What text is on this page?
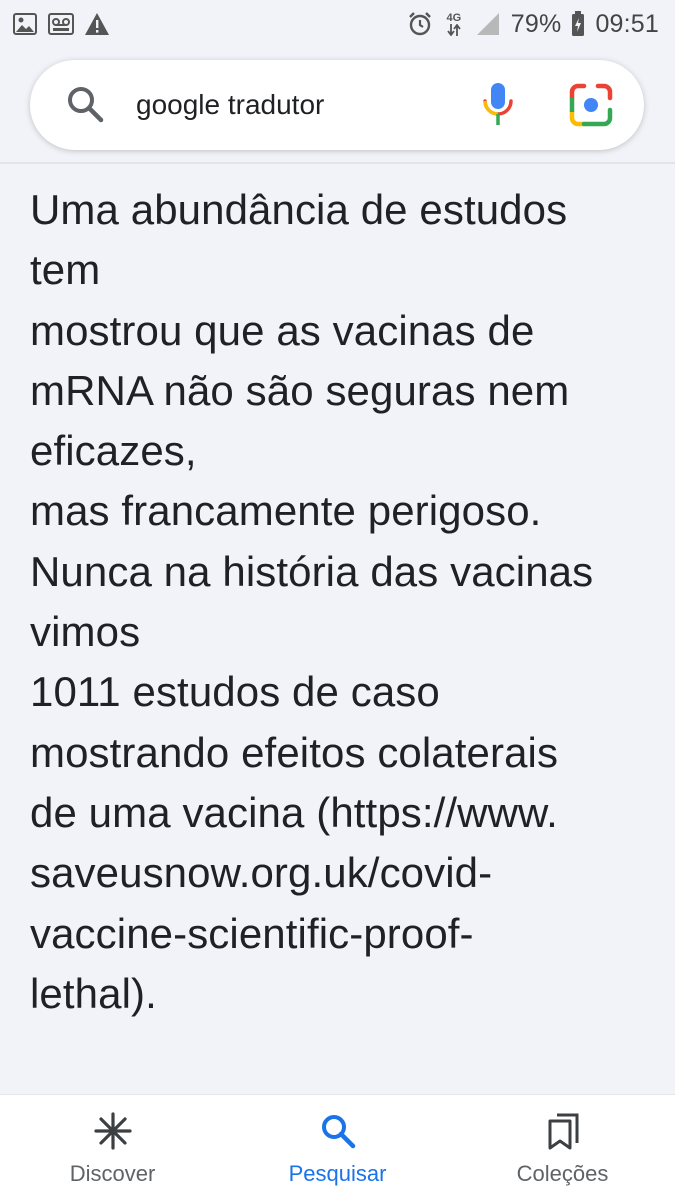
4G 79% 09:51
google tradutor
Uma abundância de estudos
tem
mostrou que as vacinas de
mRNA não são seguras nem
eficazes,
mas francamente perigoso.
Nunca na história das vacinas
vimos
1011 estudos de caso
mostrando efeitos colaterais
de uma vacina (https://www.
saveusnow.org.uk/covid-
vaccine-scientific-proof-
lethal).
Discover	Pesquisar	Coleções
